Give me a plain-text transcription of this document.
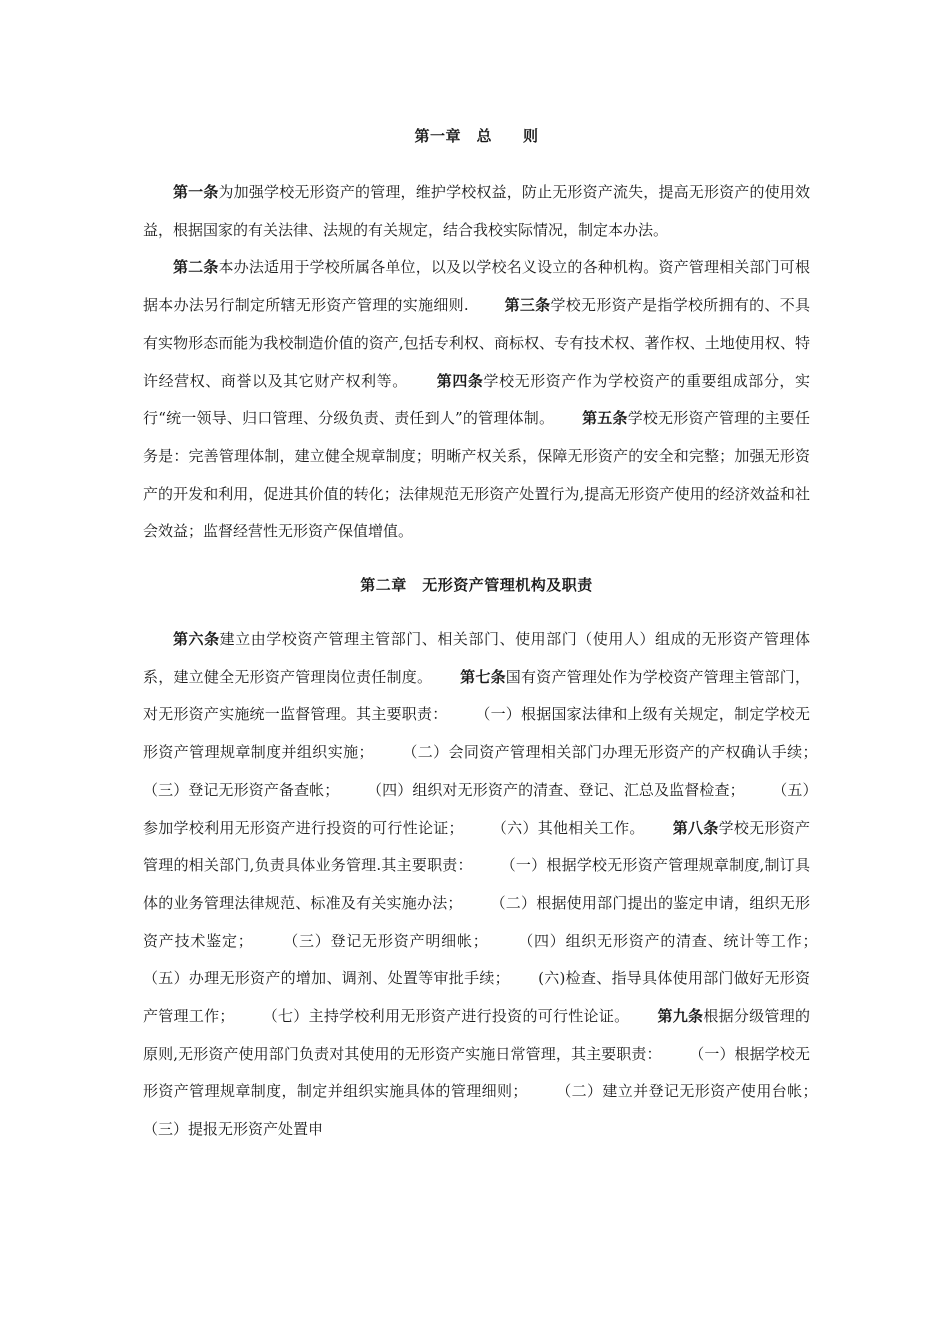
第一章　总　　则

第一条为加强学校无形资产的管理，维护学校权益，防止无形资产流失，提高无形资产的使用效益，根据国家的有关法律、法规的有关规定，结合我校实际情况，制定本办法。

第二条本办法适用于学校所属各单位，以及以学校名义设立的各种机构。资产管理相关部门可根据本办法另行制定所辖无形资产管理的实施细则.　　 第三条学校无形资产是指学校所拥有的、不具有实物形态而能为我校制造价值的资产,包括专利权、商标权、专有技术权、著作权、土地使用权、特许经营权、商誉以及其它财产权利等。　　 第四条学校无形资产作为学校资产的重要组成部分，实行“统一领导、归口管理、分级负责、责任到人”的管理体制。　　 第五条学校无形资产管理的主要任务是：完善管理体制，建立健全规章制度；明晰产权关系，保障无形资产的安全和完整；加强无形资产的开发和利用，促进其价值的转化；法律规范无形资产处置行为,提高无形资产使用的经济效益和社会效益；监督经营性无形资产保值增值。

第二章　无形资产管理机构及职责

第六条建立由学校资产管理主管部门、相关部门、使用部门（使用人）组成的无形资产管理体系，建立健全无形资产管理岗位责任制度。　　 第七条国有资产管理处作为学校资产管理主管部门，对无形资产实施统一监督管理。其主要职责：　　 （一）根据国家法律和上级有关规定，制定学校无形资产管理规章制度并组织实施；　　 （二）会同资产管理相关部门办理无形资产的产权确认手续；　　 （三）登记无形资产备查帐；　　 （四）组织对无形资产的清查、登记、汇总及监督检查；　　 （五）参加学校利用无形资产进行投资的可行性论证；　　 （六）其他相关工作。　　 第八条学校无形资产管理的相关部门,负责具体业务管理.其主要职责：　　 （一）根据学校无形资产管理规章制度,制订具体的业务管理法律规范、标准及有关实施办法；　　 （二）根据使用部门提出的鉴定申请，组织无形资产技术鉴定；　　 （三）登记无形资产明细帐；　　 （四）组织无形资产的清查、统计等工作；　　 （五）办理无形资产的增加、调剂、处置等审批手续；　　 (六)检查、指导具体使用部门做好无形资产管理工作；　　 （七）主持学校利用无形资产进行投资的可行性论证。　　 第九条根据分级管理的原则,无形资产使用部门负责对其使用的无形资产实施日常管理，其主要职责：　　 （一）根据学校无形资产管理规章制度，制定并组织实施具体的管理细则；　　 （二）建立并登记无形资产使用台帐；　　 （三）提报无形资产处置申
